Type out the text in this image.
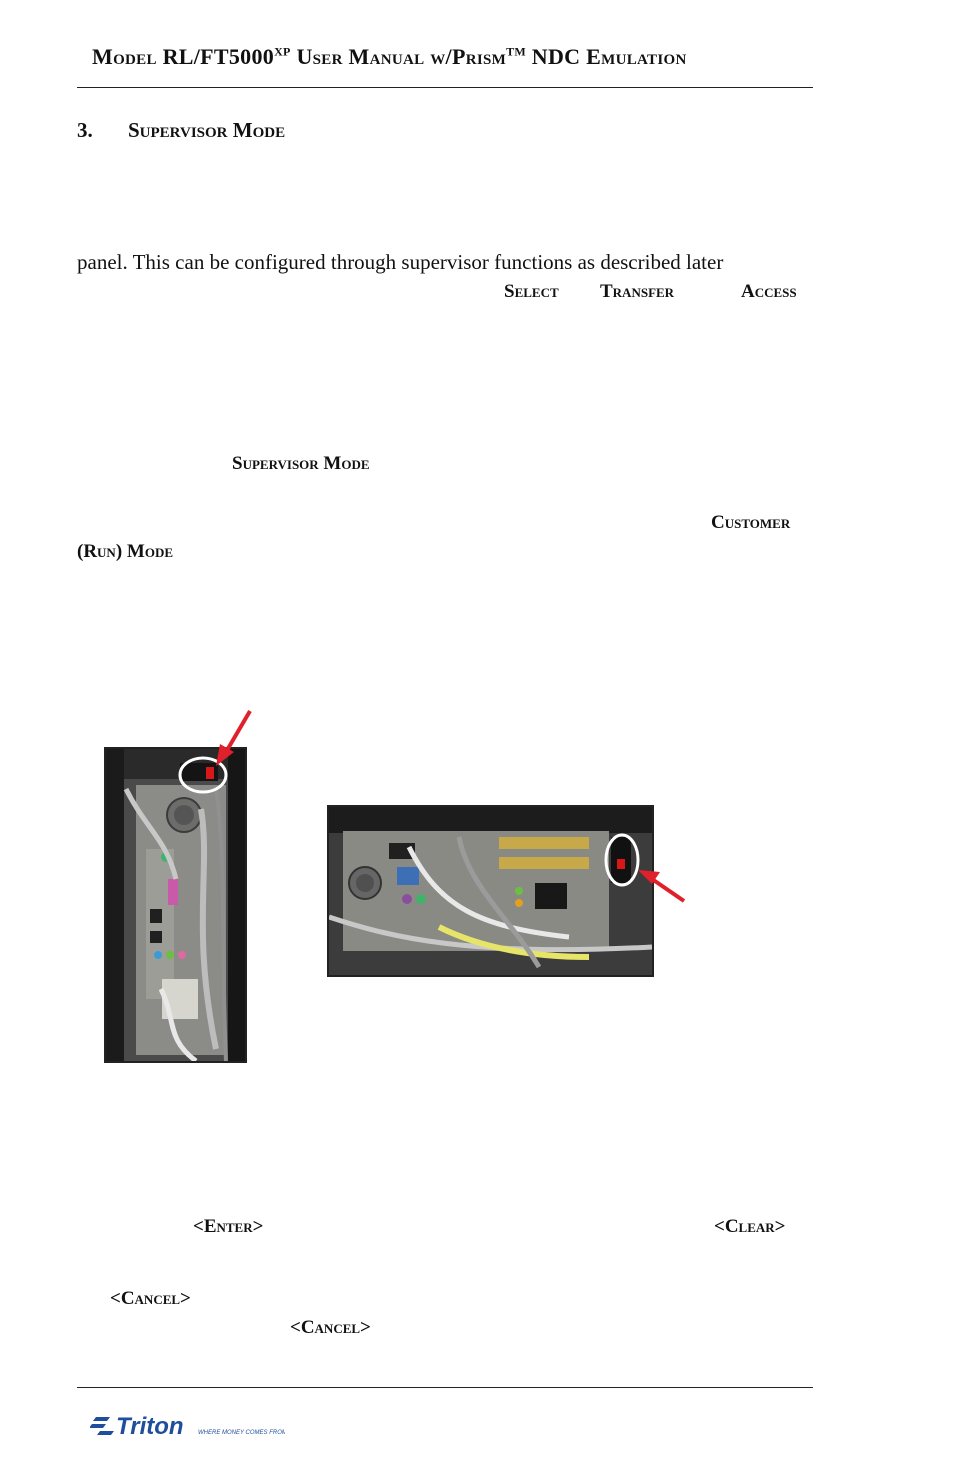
Model $RL/FT5000^{XP}$ User Manual w/Prism™ NDC Emulation
3. Supervisor Mode
panel. This can be configured through supervisor functions as described later
Select Transfer	Access
Supervisor Mode
Customer
(Run) Mode
<Enter>	<Clear>
<Cancel>
<Cancel>
Triton WHERE MONEY COMES FROM.
